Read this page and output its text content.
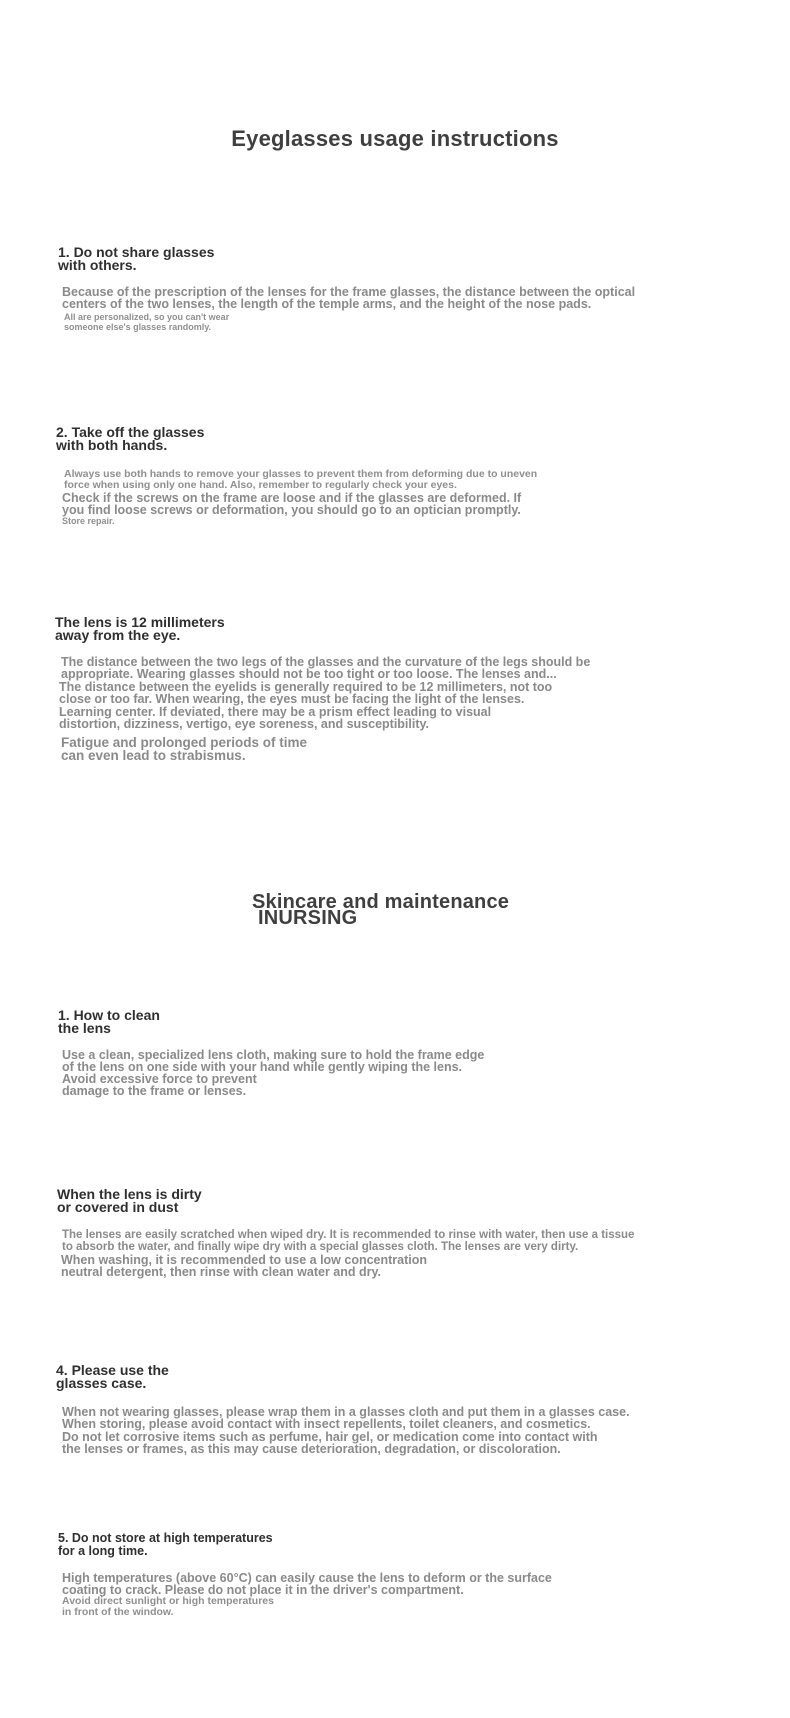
Eyeglasses usage instructions
1. Do not share glasses
with others.

Because of the prescription of the lenses for the frame glasses, the distance between the optical
centers of the two lenses, the length of the temple arms, and the height of the nose pads.

All are personalized, so you can't wear
someone else's glasses randomly.

2. Take off the glasses
with both hands.

Always use both hands to remove your glasses to prevent them from deforming due to uneven
force when using only one hand. Also, remember to regularly check your eyes.

Check if the screws on the frame are loose and if the glasses are deformed. If
you find loose screws or deformation, you should go to an optician promptly.

Store repair.

The lens is 12 millimeters
away from the eye.

The distance between the two legs of the glasses and the curvature of the legs should be
appropriate. Wearing glasses should not be too tight or too loose. The lenses and...

The distance between the eyelids is generally required to be 12 millimeters, not too
close or too far. When wearing, the eyes must be facing the light of the lenses.

Learning center. If deviated, there may be a prism effect leading to visual
distortion, dizziness, vertigo, eye soreness, and susceptibility.

Fatigue and prolonged periods of time
can even lead to strabismus.

Skincare and maintenance
INURSING
1. How to clean
the lens

Use a clean, specialized lens cloth, making sure to hold the frame edge
of the lens on one side with your hand while gently wiping the lens.

Avoid excessive force to prevent
damage to the frame or lenses.

When the lens is dirty
or covered in dust

The lenses are easily scratched when wiped dry. It is recommended to rinse with water, then use a tissue
to absorb the water, and finally wipe dry with a special glasses cloth. The lenses are very dirty.

When washing, it is recommended to use a low concentration
neutral detergent, then rinse with clean water and dry.

4. Please use the
glasses case.

When not wearing glasses, please wrap them in a glasses cloth and put them in a glasses case.
When storing, please avoid contact with insect repellents, toilet cleaners, and cosmetics.

Do not let corrosive items such as perfume, hair gel, or medication come into contact with
the lenses or frames, as this may cause deterioration, degradation, or discoloration.

5. Do not store at high temperatures
for a long time.

High temperatures (above 60°C) can easily cause the lens to deform or the surface
coating to crack. Please do not place it in the driver's compartment.

Avoid direct sunlight or high temperatures
in front of the window.
